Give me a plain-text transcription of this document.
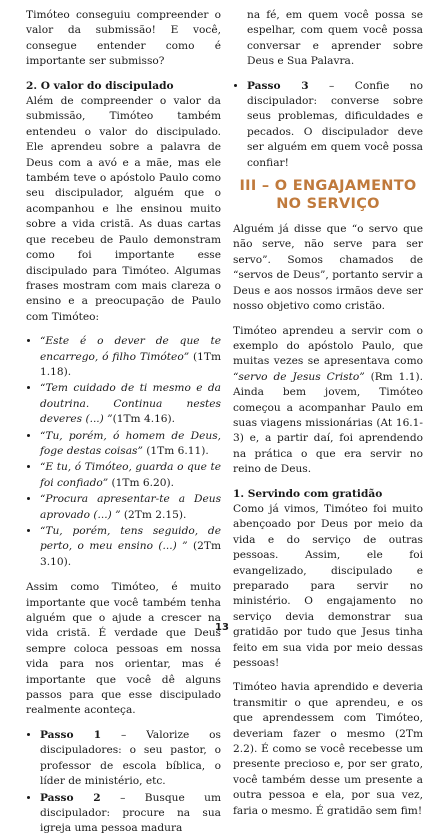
Timóteo conseguiu compreender o valor da submissão! E você, consegue entender como é importante ser submisso?

2. O valor do discipulado

Além de compreender o valor da submissão, Timóteo também entendeu o valor do discipulado. Ele aprendeu sobre a palavra de Deus com a avó e a mãe, mas ele também teve o apóstolo Paulo como seu discipulador, alguém que o acompanhou e lhe ensinou muito sobre a vida cristã. As duas cartas que recebeu de Paulo demonstram como foi importante esse discipulado para Timóteo. Algumas frases mostram com mais clareza o ensino e a preocupação de Paulo com Timóteo:

• “Este é o dever de que te encarrego, ó filho Timóteo” (1Tm 1.18).
• “Tem cuidado de ti mesmo e da doutrina. Continua nestes deveres (...) ”(1Tm 4.16).
• “Tu, porém, ó homem de Deus, foge destas coisas” (1Tm 6.11).
• “E tu, ó Timóteo, guarda o que te foi confiado” (1Tm 6.20).
• “Procura apresentar-te a Deus aprovado (...) ” (2Tm 2.15).
• “Tu, porém, tens seguido, de perto, o meu ensino (...) ” (2Tm 3.10).

Assim como Timóteo, é muito importante que você também tenha alguém que o ajude a crescer na vida cristã. É verdade que Deus sempre coloca pessoas em nossa vida para nos orientar, mas é importante que você dê alguns passos para que esse discipulado realmente aconteça.

• Passo 1 – Valorize os discipuladores: o seu pastor, o professor de escola bíblica, o líder de ministério, etc.
• Passo 2 – Busque um discipulador: procure na sua igreja uma pessoa madura

na fé, em quem você possa se espelhar, com quem você possa conversar e aprender sobre Deus e Sua Palavra.

• Passo 3 – Confie no discipulador: converse sobre seus problemas, dificuldades e pecados. O discipulador deve ser alguém em quem você possa confiar!
III – O ENGAJAMENTO
NO SERVIÇO

Alguém já disse que “o servo que não serve, não serve para ser servo”. Somos chamados de “servos de Deus”, portanto servir a Deus e aos nossos irmãos deve ser nosso objetivo como cristão.

Timóteo aprendeu a servir com o exemplo do apóstolo Paulo, que muitas vezes se apresentava como “servo de Jesus Cristo” (Rm 1.1). Ainda bem jovem, Timóteo começou a acompanhar Paulo em suas viagens missionárias (At 16.1-3) e, a partir daí, foi aprendendo na prática o que era servir no reino de Deus.

1. Servindo com gratidão

Como já vimos, Timóteo foi muito abençoado por Deus por meio da vida e do serviço de outras pessoas. Assim, ele foi evangelizado, discipulado e preparado para servir no ministério. O engajamento no serviço devia demonstrar sua gratidão por tudo que Jesus tinha feito em sua vida por meio dessas pessoas!

Timóteo havia aprendido e deveria transmitir o que aprendeu, e os que aprendessem com Timóteo, deveriam fazer o mesmo (2Tm 2.2). É como se você recebesse um presente precioso e, por ser grato, você também desse um presente a outra pessoa e ela, por sua vez, faria o mesmo. É gratidão sem fim!

13
